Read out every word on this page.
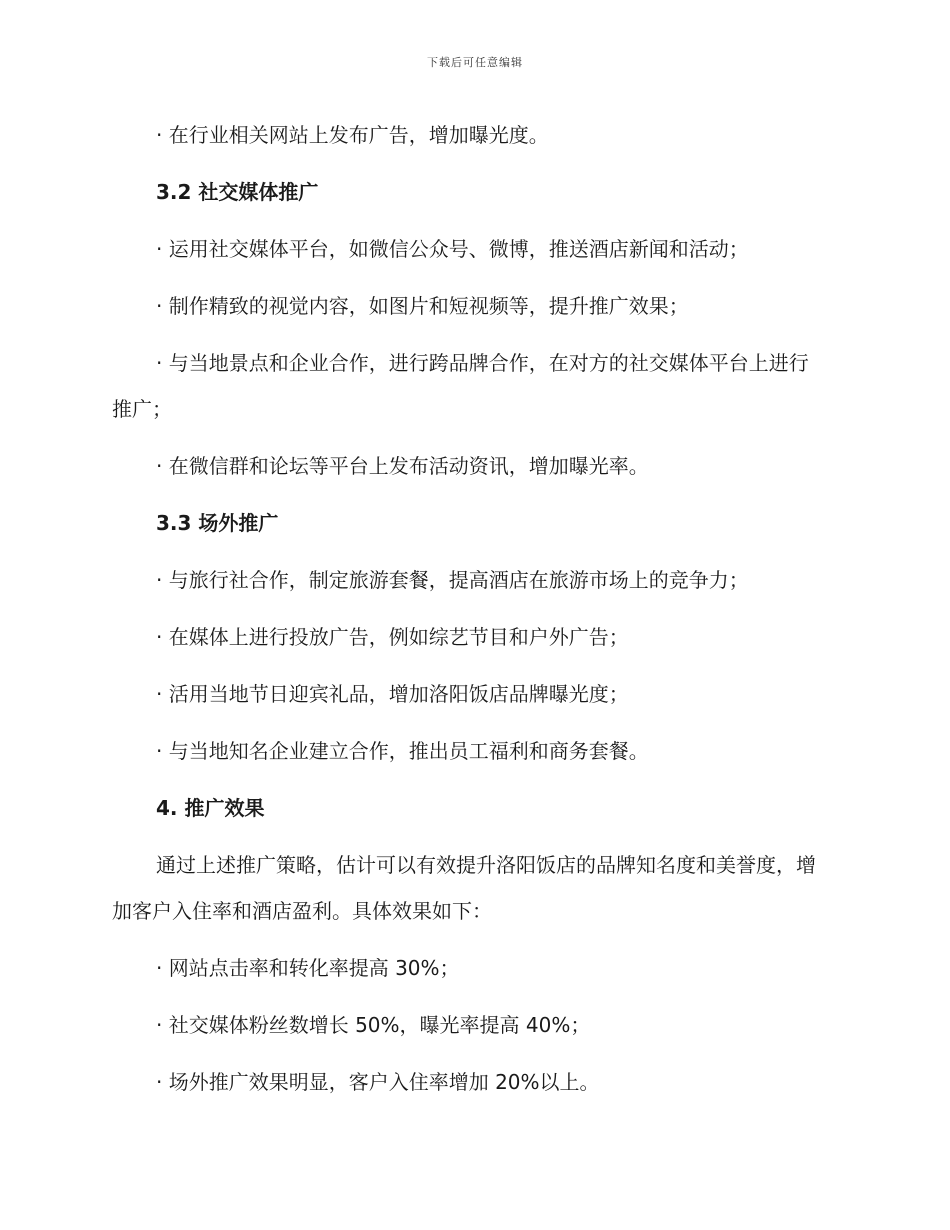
下载后可任意编辑

· 在行业相关网站上发布广告，增加曝光度。

3.2 社交媒体推广

· 运用社交媒体平台，如微信公众号、微博，推送酒店新闻和活动；

· 制作精致的视觉内容，如图片和短视频等，提升推广效果；

· 与当地景点和企业合作，进行跨品牌合作，在对方的社交媒体平台上进行推广；

· 在微信群和论坛等平台上发布活动资讯，增加曝光率。

3.3 场外推广

· 与旅行社合作，制定旅游套餐，提高酒店在旅游市场上的竞争力；

· 在媒体上进行投放广告，例如综艺节目和户外广告；

· 活用当地节日迎宾礼品，增加洛阳饭店品牌曝光度；

· 与当地知名企业建立合作，推出员工福利和商务套餐。

4. 推广效果

通过上述推广策略，估计可以有效提升洛阳饭店的品牌知名度和美誉度，增加客户入住率和酒店盈利。具体效果如下：

· 网站点击率和转化率提高 30%；

· 社交媒体粉丝数增长 50%，曝光率提高 40%；

· 场外推广效果明显，客户入住率增加 20%以上。
